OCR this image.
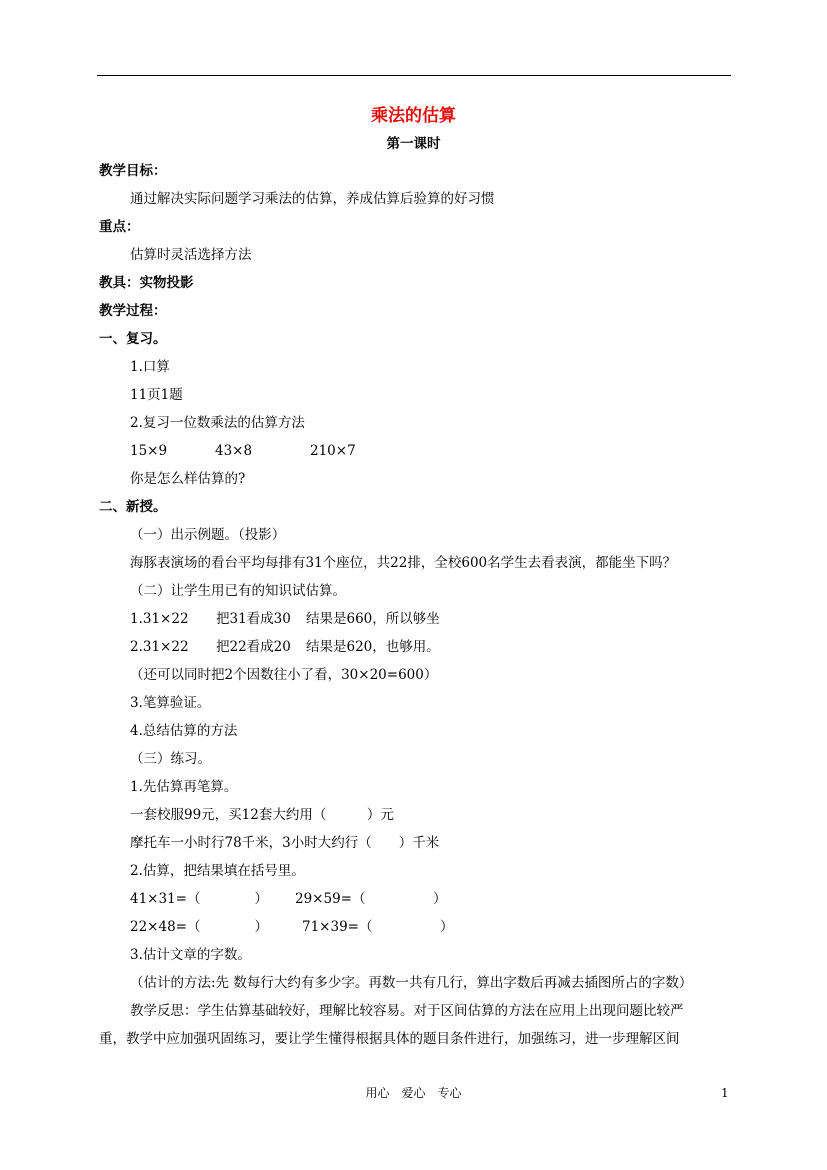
乘法的估算
第一课时
教学目标：
通过解决实际问题学习乘法的估算，养成估算后验算的好习惯
重点：
估算时灵活选择方法
教具：实物投影
教学过程：
一、复习。
1.口算
11页1题
2.复习一位数乘法的估算方法
15×9	43×8	210×7
你是怎么样估算的?
二、新授。
（一）出示例题。（投影）
海豚表演场的看台平均每排有31个座位，共22排，全校600名学生去看表演，都能坐下吗？
（二）让学生用已有的知识试估算。
1.31×22 把31看成30 结果是660，所以够坐
2.31×22 把22看成20 结果是620，也够用。
（还可以同时把2个因数往小了看，30×20=600）
3.笔算验证。
4.总结估算的方法
（三）练习。
1.先估算再笔算。
一套校服99元，买12套大约用（　　　）元
摩托车一小时行78千米，3小时大约行（　　）千米
2.估算，把结果填在括号里。
41×31=（　　　　） 29×59=（　　　　　）
22×48=（　　　　）	71×39=（　　　　　）
3.估计文章的字数。
（估计的方法:先 数每行大约有多少字。再数一共有几行，算出字数后再减去插图所占的字数）
教学反思：学生估算基础较好，理解比较容易。对于区间估算的方法在应用上出现问题比较严
重，教学中应加强巩固练习，要让学生懂得根据具体的题目条件进行，加强练习，进一步理解区间
用心　爱心　专心	1
